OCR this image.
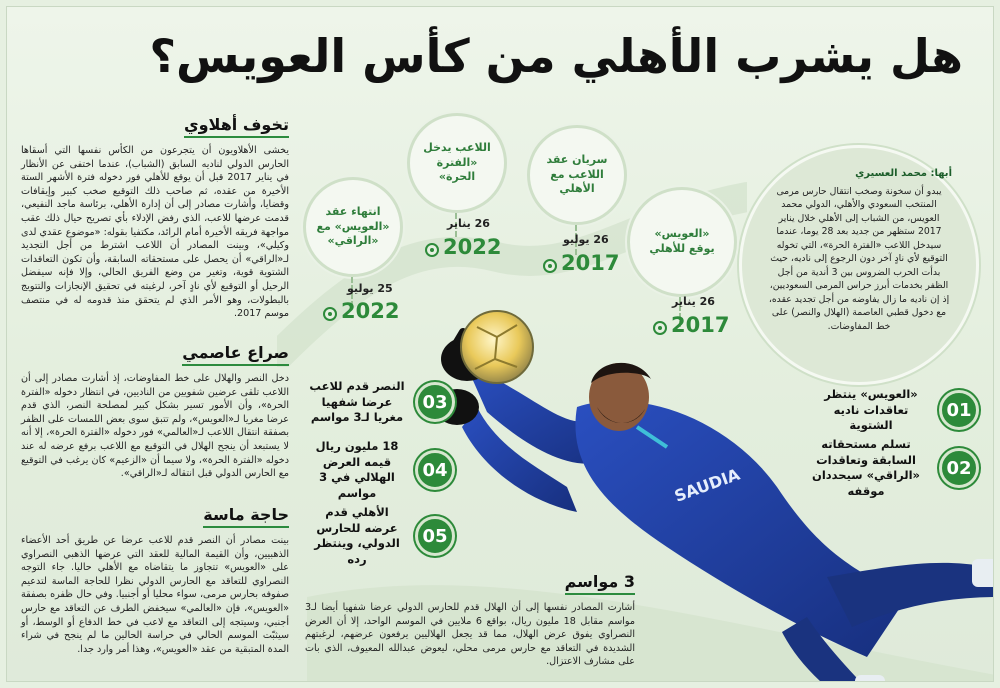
هل يشرب الأهلي من كأس العويس؟
أبها: محمد العسيري
يبدو أن سخونة وصخب انتقال حارس مرمى المنتخب السعودي والأهلي، الدولي محمد العويس، من الشباب إلى الأهلي خلال يناير 2017 ستظهر من جديد بعد 28 يوما، عندما سيدخل اللاعب «الفترة الحرة»، التي تخوله التوقيع لأي نادٍ آخر دون الرجوع إلى ناديه، حيث بدأت الحرب الضروس بين 3 أندية من أجل الظفر بخدمات أبرز حراس المرمى السعوديين، إذ إن ناديه ما زال يفاوضه من أجل تجديد عقده، مع دخول قطبي العاصمة (الهلال والنصر) على خط المفاوضات.
«العويس» يوقع للأهلي
26 يناير
2017
سريان عقد اللاعب مع الأهلي
26 يوليو
2017
اللاعب يدخل «الفترة الحرة»
26 يناير
2022
انتهاء عقد «العويس» مع «الراقي»
25 يوليو
2022
SAUDIA
01
«العويس» ينتظر تعاقدات ناديه الشتوية
02
تسلم مستحقاته السابقة وتعاقدات «الراقي» سيحددان موقفه
03
النصر قدم للاعب عرضا شفهيا مغريا لـ3 مواسم
04
18 مليون ريال قيمه العرض الهلالي في 3 مواسم
05
الأهلي قدم عرضه للحارس الدولي، وينتظر رده
تخوف أهلاوي
يخشى الأهلاويون أن يتجرعون من الكأس نفسها التي أسقاها الحارس الدولي لناديه السابق (الشباب)، عندما اختفى عن الأنظار في يناير 2017 قبل أن يوقع للأهلي فور دخوله فترة الأشهر الستة الأخيرة من عقده، ثم صاحب ذلك التوقيع صخب كبير وإيقافات وقضايا، وأشارت مصادر إلى أن إدارة الأهلي، برئاسة ماجد النفيعي، قدمت عرضها للاعب، الذي رفض الإدلاء بأي تصريح حيال ذلك عقب مواجهة فريقه الأخيرة أمام الرائد، مكتفيا بقوله: «موضوع عقدي لدى وكيلي»، وبينت المصادر أن اللاعب اشترط من أجل التجديد لـ«الراقي» أن يحصل على مستحقاته السابقة، وأن تكون التعاقدات الشتوية قوية، وتغير من وضع الفريق الحالي، وإلا فإنه سيفضل الرحيل أو التوقيع لأي نادٍ آخر، لرغبته في تحقيق الإنجازات والتتويج بالبطولات، وهو الأمر الذي لم يتحقق منذ قدومه له في منتصف موسم 2017.
صراع عاصمي
دخل النصر والهلال على خط المفاوضات، إذ أشارت مصادر إلى أن اللاعب تلقى عرضين شفويين من الناديين، في انتظار دخوله «الفترة الحرة»، وأن الأمور تسير بشكل كبير لمصلحة النصر، الذي قدم عرضا مغريا لـ«العويس»، ولم تتبق سوى بعض اللمسات على الظفر بصفقة انتقال اللاعب لـ«العالمي» فور دخوله «الفترة الحرة»، إلا أنه لا يستبعد أن ينجح الهلال في التوقيع مع اللاعب برفع عرضه له عند دخوله «الفترة الحرة»، ولا سيما أن «الزعيم» كان يرغب في التوقيع مع الحارس الدولي قبل انتقاله لـ«الراقي».
حاجة ماسة
بينت مصادر أن النصر قدم للاعب عرضا عن طريق أحد الأعضاء الذهبيين، وأن القيمة المالية للعقد التي عرضها الذهبي النصراوي على «العويس» تتجاوز ما يتقاضاه مع الأهلي حاليا. جاء التوجه النصراوي للتعاقد مع الحارس الدولي نظرا للحاجة الماسة لتدعيم صفوفه بحارس مرمى، سواء محليا أو أجنبيا. وفي حال ظفره بصفقة «العويس»، فإن «العالمي» سيخفض الطرف عن التعاقد مع حارس أجنبي، وسيتجه إلى التعاقد مع لاعب في خط الدفاع أو الوسط، أو سيثبّت الموسم الحالي في حراسة الحالين ما لم ينجح في شراء المدة المتبقية من عقد «العويس»، وهذا أمر وارد جدا.
3 مواسم
أشارت المصادر نفسها إلى أن الهلال قدم للحارس الدولي عرضا شفهيا أيضا لـ3 مواسم مقابل 18 مليون ريال، بواقع 6 ملايين في الموسم الواحد، إلا أن العرض النصراوي يفوق عرض الهلال، مما قد يجعل الهلاليين يرفعون عرضهم، لرغبتهم الشديدة في التعاقد مع حارس مرمى محلي، ليعوض عبدالله المعيوف، الذي بات على مشارف الاعتزال.
